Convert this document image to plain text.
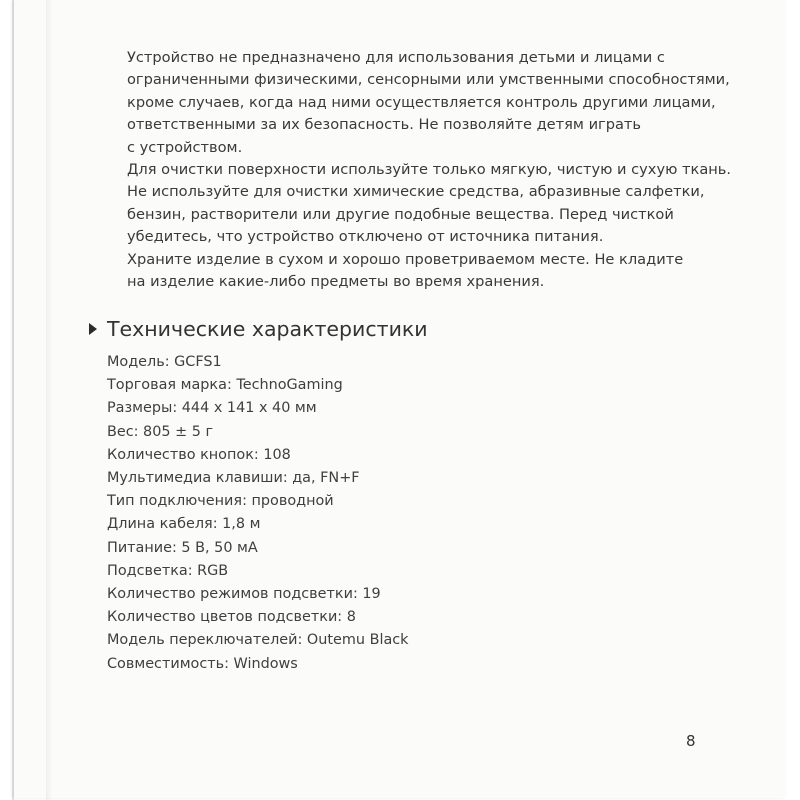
Устройство не предназначено для использования детьми и лицами с
ограниченными физическими, сенсорными или умственными способностями,
кроме случаев, когда над ними осуществляется контроль другими лицами,
ответственными за их безопасность. Не позволяйте детям играть
с устройством.

Для очистки поверхности используйте только мягкую, чистую и сухую ткань.
Не используйте для очистки химические средства, абразивные салфетки,
бензин, растворители или другие подобные вещества. Перед чисткой
убедитесь, что устройство отключено от источника питания.

Храните изделие в сухом и хорошо проветриваемом месте. Не кладите
на изделие какие-либо предметы во время хранения.

Технические характеристики
Модель: GCFS1
Торговая марка: TechnoGaming
Размеры: 444 x 141 x 40 мм
Вес: 805 ± 5 г
Количество кнопок: 108
Мультимедиа клавиши: да, FN+F
Тип подключения: проводной
Длина кабеля: 1,8 м
Питание: 5 В, 50 мА
Подсветка: RGB
Количество режимов подсветки: 19
Количество цветов подсветки: 8
Модель переключателей: Outemu Black
Совместимость: Windows
8
